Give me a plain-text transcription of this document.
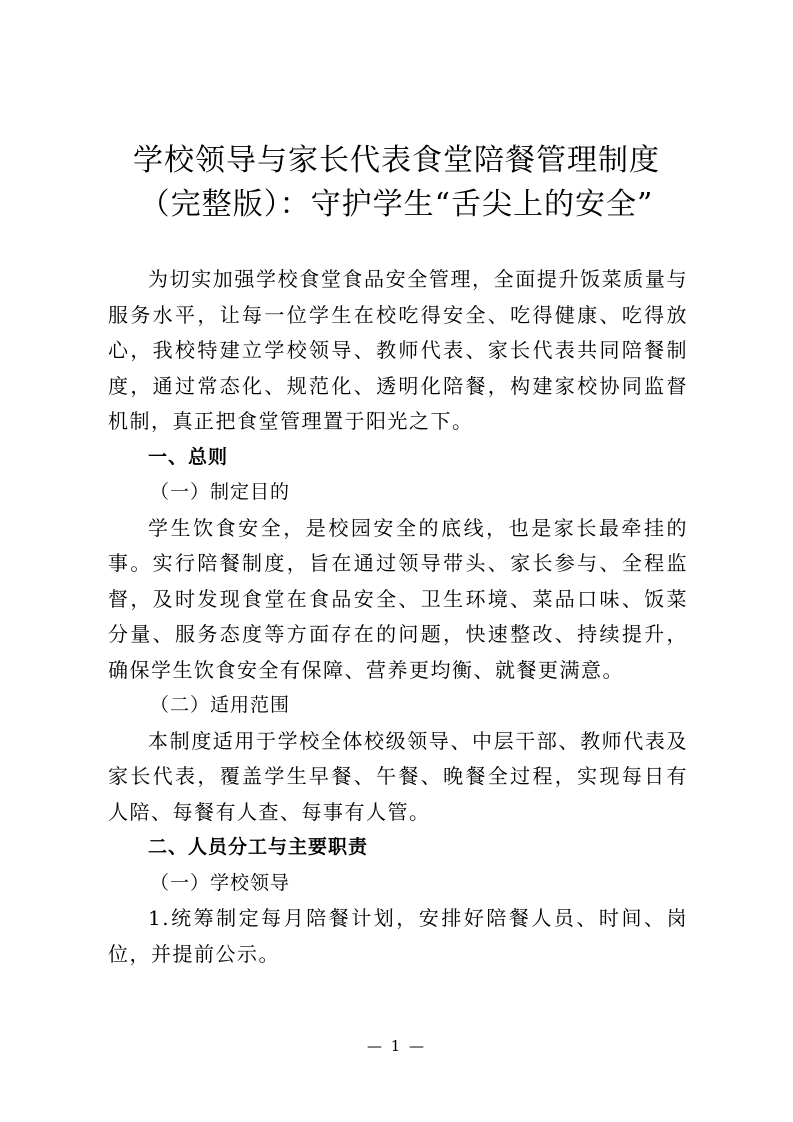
学校领导与家长代表食堂陪餐管理制度
（完整版）：守护学生“舌尖上的安全”

为切实加强学校食堂食品安全管理，全面提升饭菜质量与服务水平，让每一位学生在校吃得安全、吃得健康、吃得放心，我校特建立学校领导、教师代表、家长代表共同陪餐制度，通过常态化、规范化、透明化陪餐，构建家校协同监督机制，真正把食堂管理置于阳光之下。

一、总则

（一）制定目的

学生饮食安全，是校园安全的底线，也是家长最牵挂的事。实行陪餐制度，旨在通过领导带头、家长参与、全程监督，及时发现食堂在食品安全、卫生环境、菜品口味、饭菜分量、服务态度等方面存在的问题，快速整改、持续提升，确保学生饮食安全有保障、营养更均衡、就餐更满意。

（二）适用范围

本制度适用于学校全体校级领导、中层干部、教师代表及家长代表，覆盖学生早餐、午餐、晚餐全过程，实现每日有人陪、每餐有人查、每事有人管。

二、人员分工与主要职责

（一）学校领导

1.统筹制定每月陪餐计划，安排好陪餐人员、时间、岗位，并提前公示。

— 1 —
